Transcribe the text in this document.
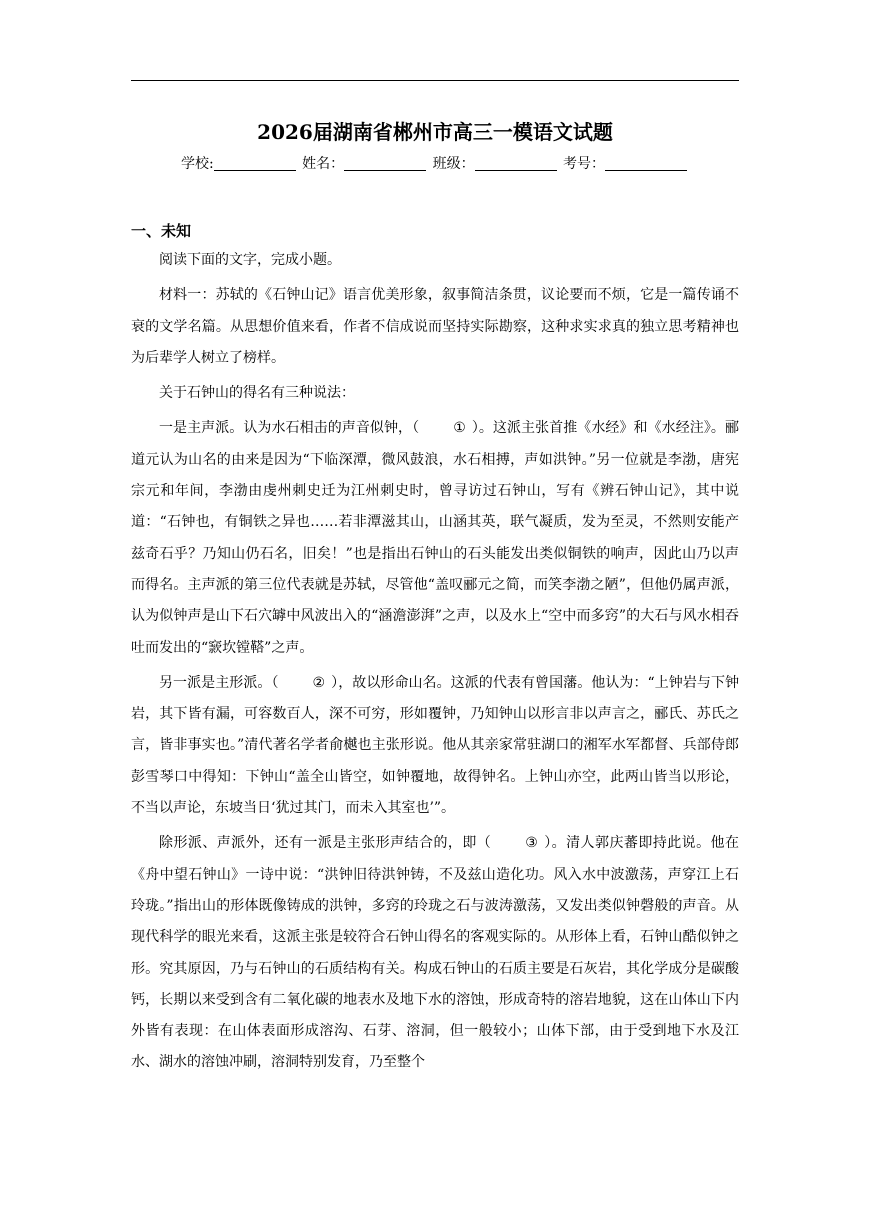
2026届湖南省郴州市高三一模语文试题
学校:	姓名：	班级：	考号：
一、未知

阅读下面的文字，完成小题。

材料一：苏轼的《石钟山记》语言优美形象，叙事简洁条贯，议论要而不烦，它是一篇传诵不衰的文学名篇。从思想价值来看，作者不信成说而坚持实际勘察，这种求实求真的独立思考精神也为后辈学人树立了榜样。

关于石钟山的得名有三种说法：

一是主声派。认为水石相击的声音似钟，（ ① ）。这派主张首推《水经》和《水经注》。郦道元认为山名的由来是因为“下临深潭，微风鼓浪，水石相搏，声如洪钟。”另一位就是李渤，唐宪宗元和年间，李渤由虔州刺史迁为江州刺史时，曾寻访过石钟山，写有《辨石钟山记》，其中说道：“石钟也，有铜铁之异也……若非潭滋其山，山涵其英，联气凝质，发为至灵，不然则安能产兹奇石乎？乃知山仍石名，旧矣！”也是指出石钟山的石头能发出类似铜铁的响声，因此山乃以声而得名。主声派的第三位代表就是苏轼，尽管他“盖叹郦元之简，而笑李渤之陋”，但他仍属声派，认为似钟声是山下石穴罅中风波出入的“涵澹澎湃”之声，以及水上“空中而多窍”的大石与风水相吞吐而发出的“窾坎镗鞳”之声。

另一派是主形派。（ ② ），故以形命山名。这派的代表有曾国藩。他认为：“上钟岩与下钟岩，其下皆有漏，可容数百人，深不可穷，形如覆钟，乃知钟山以形言非以声言之，郦氏、苏氏之言，皆非事实也。”清代著名学者俞樾也主张形说。他从其亲家常驻湖口的湘军水军都督、兵部侍郎彭雪琴口中得知：下钟山“盖全山皆空，如钟覆地，故得钟名。上钟山亦空，此两山皆当以形论，不当以声论，东坡当日‘犹过其门，而未入其室也’”。

除形派、声派外，还有一派是主张形声结合的，即（ ③ ）。清人郭庆蕃即持此说。他在《舟中望石钟山》一诗中说：“洪钟旧待洪钟铸，不及兹山造化功。风入水中波激荡，声穿江上石玲珑。”指出山的形体既像铸成的洪钟，多窍的玲珑之石与波涛激荡，又发出类似钟磬般的声音。从现代科学的眼光来看，这派主张是较符合石钟山得名的客观实际的。从形体上看，石钟山酷似钟之形。究其原因，乃与石钟山的石质结构有关。构成石钟山的石质主要是石灰岩，其化学成分是碳酸钙，长期以来受到含有二氧化碳的地表水及地下水的溶蚀，形成奇特的溶岩地貌，这在山体山下内外皆有表现：在山体表面形成溶沟、石芽、溶洞，但一般较小；山体下部，由于受到地下水及江水、湖水的溶蚀冲刷，溶洞特别发育，乃至整个
